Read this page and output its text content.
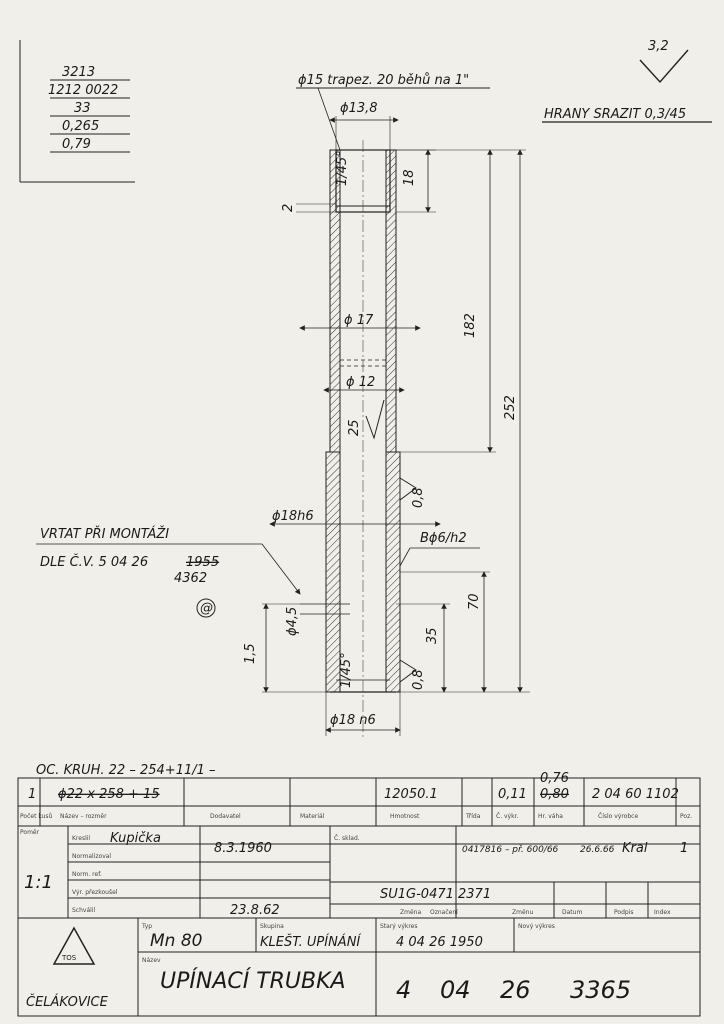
3213
1212 0022
33
0,265
0,79
3,2
HRANY SRAZIT 0,3/45
ϕ15 trapez. 20 běhů na 1"
ϕ13,8
1/45°	18
2
182
252
ϕ 17
ϕ 12
25
0,8
ϕ18h6
Bϕ6/h2
70
35
0,8
1/45°
ϕ4,5
1,5
ϕ18 n6
VRTAT PŘI MONTÁŽI
DLE Č.V. 5 04 26	1955
4362
@
OC. KRUH. 22 – 254+11/1 –
1 ϕ22 x 258 + 15	12050.1	0,11 0,80
0,76
2 04 60 1102
Počet kusů Název – rozměr	Dodavatel	Materiál	Hmotnost	Třída	Č. výkr.	Hr. váha	Číslo výrobce	Poz.
Poměr
1:1
Kreslil Kupička
8.3.1960
Normalizoval
Norm. ref.
Výr. přezkoušel
Schválil	23.8.62
Č. sklad.
0417816 – př. 600/66 26.6.66 Kral	1
SU1G-0471 2371
Změna Označení	Změnu	Datum	Podpis	Index
TOS
ČELÁKOVICE
Typ
Mn 80
Skupina
KLEŠT. UPÍNÁNÍ	4 04 26 1950
Starý výkres	Nový výkres
Název
UPÍNACÍ TRUBKA 4 04 26 3365
